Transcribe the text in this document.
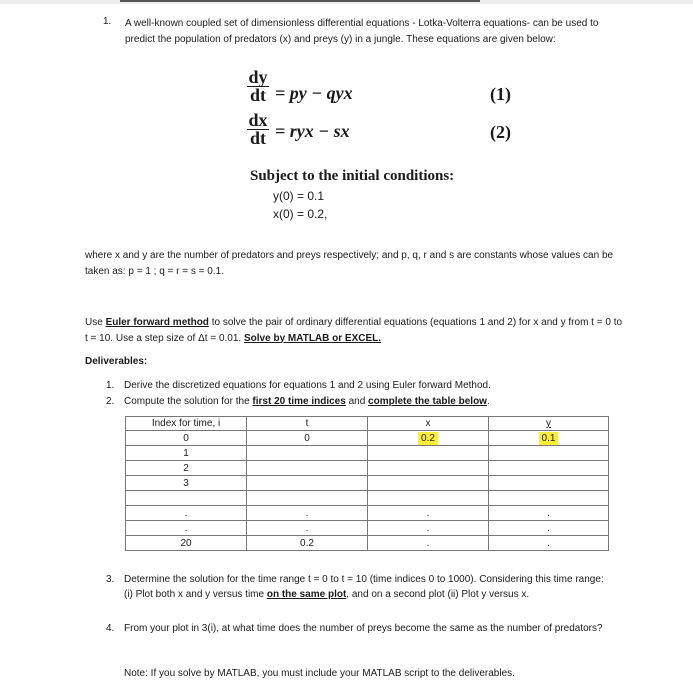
1. A well-known coupled set of dimensionless differential equations - Lotka-Volterra equations- can be used to predict the population of predators (x) and preys (y) in a jungle. These equations are given below:
$\frac{dy}{dt}$ = py − qyx	(1)
$\frac{dx}{dt}$ = ryx − sx	(2)
Subject to the initial conditions:
y(0) = 0.1
x(0) = 0.2,
where x and y are the number of predators and preys respectively; and p, q, r and s are constants whose values can be taken as: p = 1 ; q = r = s = 0.1.
Use Euler forward method to solve the pair of ordinary differential equations (equations 1 and 2) for x and y from t = 0 to t = 10. Use a step size of Δt = 0.01. Solve by MATLAB or EXCEL.
Deliverables:
1. Derive the discretized equations for equations 1 and 2 using Euler forward Method.
2. Compute the solution for the first 20 time indices and complete the table below.
Index for time, i	t	x	y
0	0	0.2	0.1
1			
2			
3			

.	.	.	.
.	.	.	.
20	0.2	.	.
3. Determine the solution for the time range t = 0 to t = 10 (time indices 0 to 1000). Considering this time range: (i) Plot both x and y versus time on the same plot, and on a second plot (ii) Plot y versus x.
4. From your plot in 3(i), at what time does the number of preys become the same as the number of predators?
Note: If you solve by MATLAB, you must include your MATLAB script to the deliverables.
